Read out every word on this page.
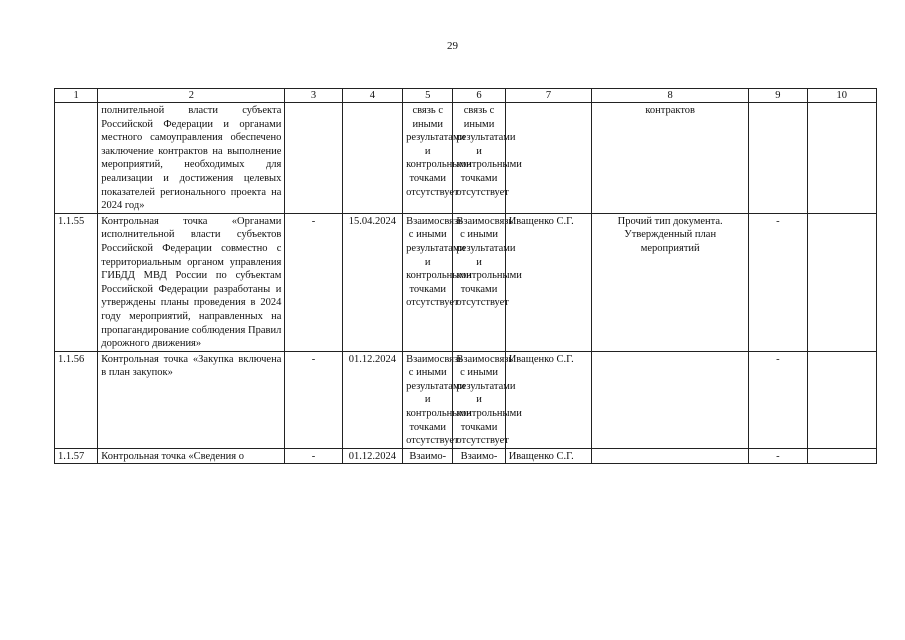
29
1	2	3	4	5	6	7	8	9	10
	полнительной власти субъекта Российской Федерации и органами местного самоуправления обеспечено заключение контрактов на выполнение мероприятий, необходимых для реализации и достижения целевых показателей регионального проекта на 2024 год»			связь с иными результатами и контрольными точками отсутствует	связь с иными результатами и контрольными точками отсутствует		контрактов		
1.1.55	Контрольная точка «Органами исполнительной власти субъектов Российской Федерации совместно с территориальным органом управления ГИБДД МВД России по субъектам Российской Федерации разработаны и утверждены планы проведения в 2024 году мероприятий, направленных на пропагандирование соблюдения Правил дорожного движения»	-	15.04.2024	Взаимосвязь с иными результатами и контрольными точками отсутствует	Взаимосвязь с иными результатами и контрольными точками отсутствует	Иващенко С.Г.	Прочий тип документа. Утвержденный план мероприятий	-	
1.1.56	Контрольная точка «Закупка включена в план закупок»	-	01.12.2024	Взаимосвязь с иными результатами и контрольными точками отсутствует	Взаимосвязь с иными результатами и контрольными точками отсутствует	Иващенко С.Г.		-	
1.1.57	Контрольная точка «Сведения о	-	01.12.2024	Взаимо-	Взаимо-	Иващенко С.Г.		-	
